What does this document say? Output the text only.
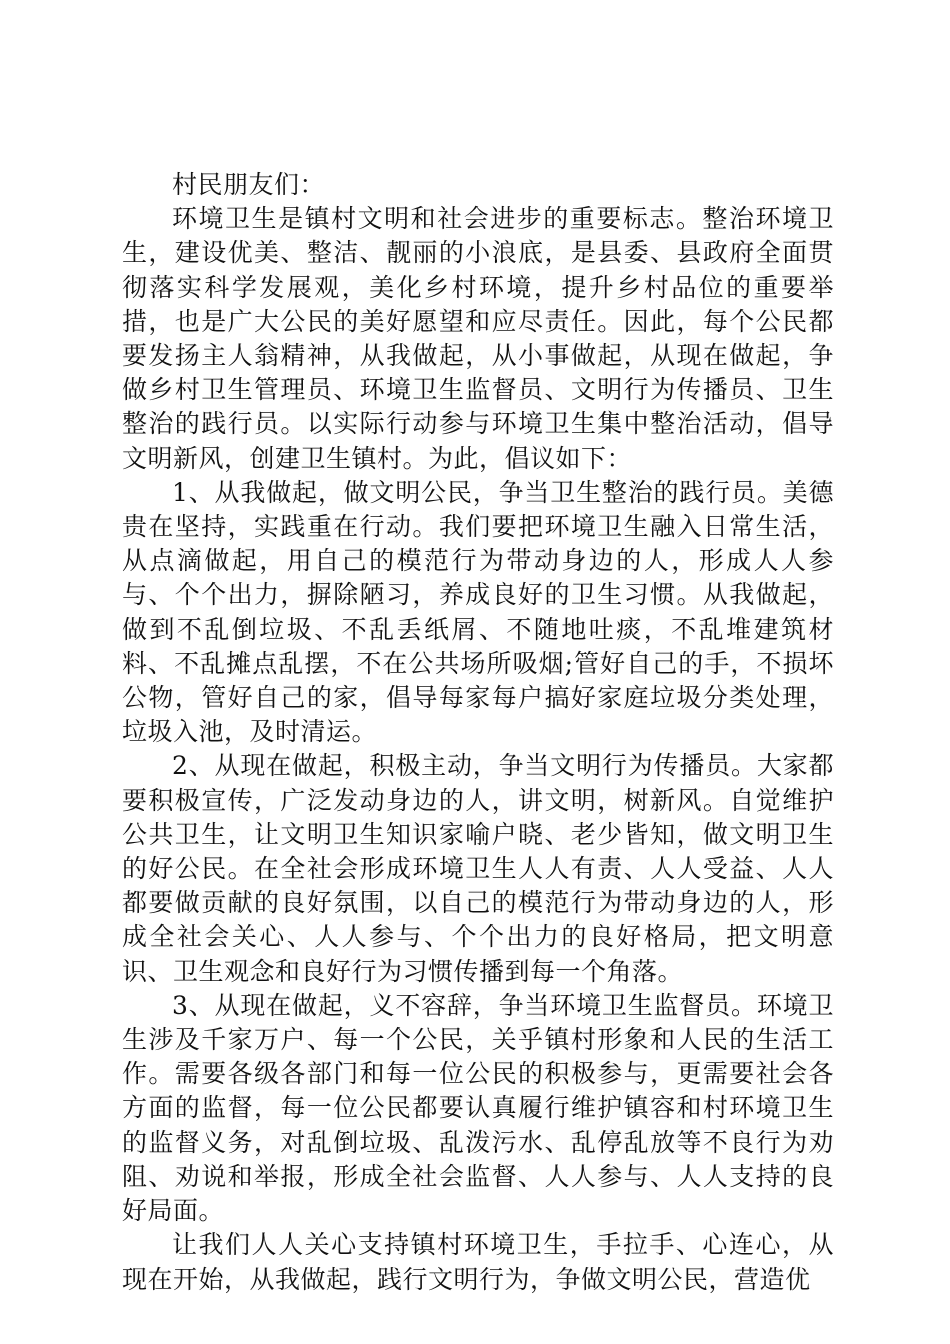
村民朋友们：

环境卫生是镇村文明和社会进步的重要标志。整治环境卫生，建设优美、整洁、靓丽的小浪底，是县委、县政府全面贯彻落实科学发展观，美化乡村环境，提升乡村品位的重要举措，也是广大公民的美好愿望和应尽责任。因此，每个公民都要发扬主人翁精神，从我做起，从小事做起，从现在做起，争做乡村卫生管理员、环境卫生监督员、文明行为传播员、卫生整治的践行员。以实际行动参与环境卫生集中整治活动，倡导文明新风，创建卫生镇村。为此，倡议如下：

1、从我做起，做文明公民，争当卫生整治的践行员。美德贵在坚持，实践重在行动。我们要把环境卫生融入日常生活，从点滴做起，用自己的模范行为带动身边的人，形成人人参与、个个出力，摒除陋习，养成良好的卫生习惯。从我做起，做到不乱倒垃圾、不乱丢纸屑、不随地吐痰，不乱堆建筑材料、不乱摊点乱摆，不在公共场所吸烟;管好自己的手，不损坏公物，管好自己的家，倡导每家每户搞好家庭垃圾分类处理，垃圾入池，及时清运。

2、从现在做起，积极主动，争当文明行为传播员。大家都要积极宣传，广泛发动身边的人，讲文明，树新风。自觉维护公共卫生，让文明卫生知识家喻户晓、老少皆知，做文明卫生的好公民。在全社会形成环境卫生人人有责、人人受益、人人都要做贡献的良好氛围，以自己的模范行为带动身边的人，形成全社会关心、人人参与、个个出力的良好格局，把文明意识、卫生观念和良好行为习惯传播到每一个角落。

3、从现在做起，义不容辞，争当环境卫生监督员。环境卫生涉及千家万户、每一个公民，关乎镇村形象和人民的生活工作。需要各级各部门和每一位公民的积极参与，更需要社会各方面的监督，每一位公民都要认真履行维护镇容和村环境卫生的监督义务，对乱倒垃圾、乱泼污水、乱停乱放等不良行为劝阻、劝说和举报，形成全社会监督、人人参与、人人支持的良好局面。

让我们人人关心支持镇村环境卫生，手拉手、心连心，从现在开始，从我做起，践行文明行为，争做文明公民，营造优
